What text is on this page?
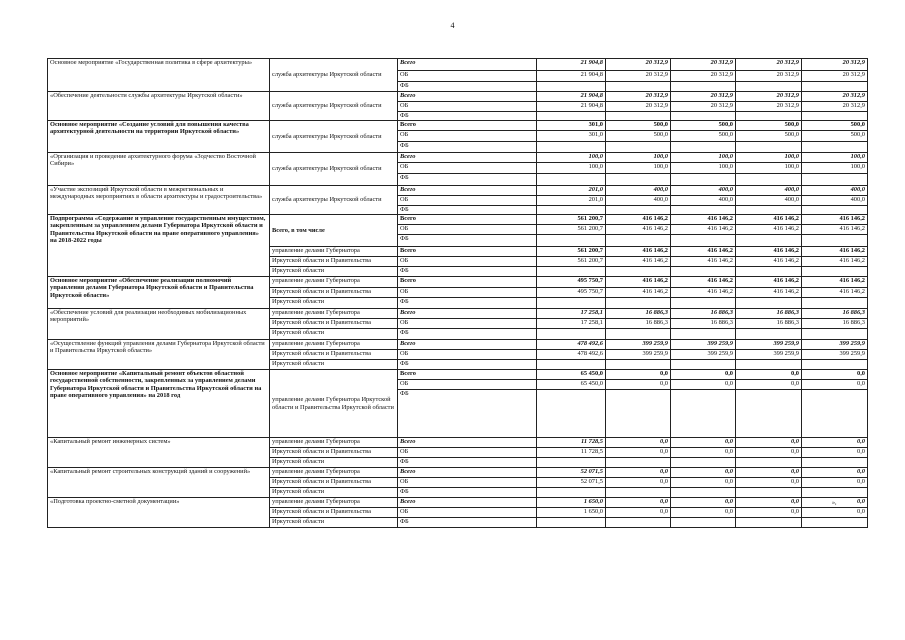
4
Основное мероприятие «Государственная политика в сфере архитектуры»	служба архитектуры Иркутской области	Всего	21 904,8	20 312,9	20 312,9	20 312,9	20 312,9
		ОБ	21 904,8	20 312,9	20 312,9	20 312,9	20 312,9
		ФБ					
«Обеспечение деятельности службы архитектуры Иркутской области»	служба архитектуры Иркутской области	Всего	21 904,8	20 312,9	20 312,9	20 312,9	20 312,9
		ОБ	21 904,8	20 312,9	20 312,9	20 312,9	20 312,9
		ФБ					
Основное мероприятие «Создание условий для повышения качества архитектурной деятельности на территории Иркутской области»	служба архитектуры Иркутской области	Всего	301,0	500,0	500,0	500,0	500,0
		ОБ	301,0	500,0	500,0	500,0	500,0
		ФБ					
«Организация и проведение архитектурного форума «Зодчество Восточной Сибири»	служба архитектуры Иркутской области	Всего	100,0	100,0	100,0	100,0	100,0
		ОБ	100,0	100,0	100,0	100,0	100,0
		ФБ					
«Участие экспозиций Иркутской области в межрегиональных и международных мероприятиях в области архитектуры и градостроительства»	служба архитектуры Иркутской области	Всего	201,0	400,0	400,0	400,0	400,0
		ОБ	201,0	400,0	400,0	400,0	400,0
		ФБ					
Подпрограмма «Содержание и управление государственным имуществом, закрепленным за управлением делами Губернатора Иркутской области и Правительства Иркутской области на праве оперативного управления» на 2018-2022 годы	Всего, в том числе	Всего	561 200,7	416 146,2	416 146,2	416 146,2	416 146,2
		ОБ	561 200,7	416 146,2	416 146,2	416 146,2	416 146,2
		ФБ					
	управление делами Губернатора	Всего	561 200,7	416 146,2	416 146,2	416 146,2	416 146,2
	Иркутской области и Правительства	ОБ	561 200,7	416 146,2	416 146,2	416 146,2	416 146,2
	Иркутской области	ФБ					
Основное мероприятие «Обеспечение реализации полномочий управления делами Губернатора Иркутской области и Правительства Иркутской области»	управление делами Губернатора	Всего	495 750,7	416 146,2	416 146,2	416 146,2	416 146,2
	Иркутской области и Правительства	ОБ	495 750,7	416 146,2	416 146,2	416 146,2	416 146,2
	Иркутской области	ФБ					
«Обеспечение условий для реализации необходимых мобилизационных мероприятий»	управление делами Губернатора	Всего	17 258,1	16 886,3	16 886,3	16 886,3	16 886,3
	Иркутской области и Правительства	ОБ	17 258,1	16 886,3	16 886,3	16 886,3	16 886,3
	Иркутской области	ФБ					
«Осуществление функций управления делами Губернатора Иркутской области и Правительства Иркутской области»	управление делами Губернатора	Всего	478 492,6	399 259,9	399 259,9	399 259,9	399 259,9
	Иркутской области и Правительства	ОБ	478 492,6	399 259,9	399 259,9	399 259,9	399 259,9
	Иркутской области	ФБ					
Основное мероприятие «Капитальный ремонт объектов областной государственной собственности, закрепленных за управлением делами Губернатора Иркутской области и Правительства Иркутской области на праве оперативного управления» на 2018 год	управление делами Губернатора Иркутской области и Правительства Иркутской области	Всего	65 450,0	0,0	0,0	0,0	0,0
		ОБ	65 450,0	0,0	0,0	0,0	0,0
		ФБ					
«Капитальный ремонт инженерных систем»	управление делами Губернатора	Всего	11 728,5	0,0	0,0	0,0	0,0
	Иркутской области и Правительства	ОБ	11 728,5	0,0	0,0	0,0	0,0
	Иркутской области	ФБ					
«Капитальный ремонт строительных конструкций зданий и сооружений»	управление делами Губернатора	Всего	52 071,5	0,0	0,0	0,0	0,0
	Иркутской области и Правительства	ОБ	52 071,5	0,0	0,0	0,0	0,0
	Иркутской области	ФБ					
«Подготовка проектно-сметной документации»	управление делами Губернатора	Всего	1 650,0	0,0	0,0	0,0	0,0
	Иркутской области и Правительства	ОБ	1 650,0	0,0	0,0	0,0	0,0
	Иркутской области	ФБ					
»,
